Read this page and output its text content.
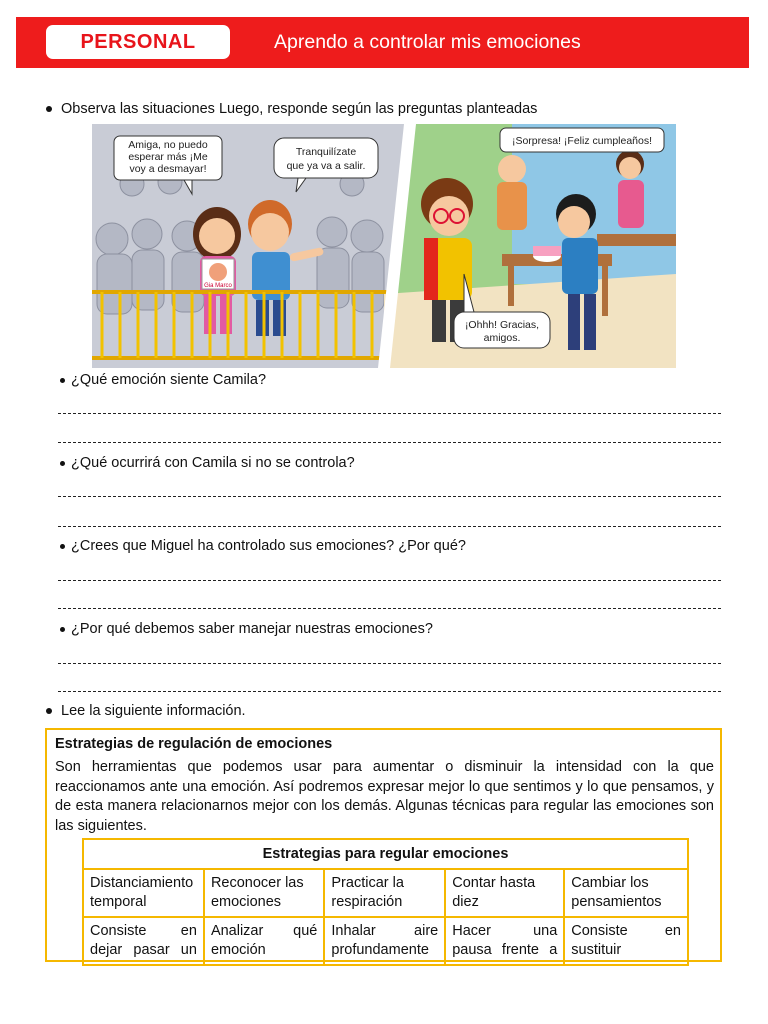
PERSONAL	Aprendo a controlar mis emociones
Observa las situaciones Luego, responde según las preguntas planteadas
Gia Marco
Amiga, no puedo
esperar más ¡Me
voy a desmayar!
Tranquilízate
que ya va a salir.
¡Sorpresa! ¡Feliz cumpleaños!
¡Ohhh! Gracias,
amigos.
¿Qué emoción siente Camila?
¿Qué ocurrirá con Camila si no se controla?
¿Crees que Miguel ha controlado sus emociones? ¿Por qué?
¿Por qué debemos saber manejar nuestras emociones?
Lee la siguiente información.
Estrategias de regulación de emociones
Son herramientas que podemos usar para aumentar o disminuir la intensidad con la que reaccionamos ante una emoción. Así podremos expresar mejor lo que sentimos y lo que pensamos, y de esta manera relacionarnos mejor con los demás. Algunas técnicas para regular las emociones son las siguientes.
Estrategias para regular emociones				
Distanciamiento temporal	Reconocer las emociones	Practicar la respiración	Contar hasta diez	Cambiar los pensamientos
Consiste en dejar pasar un	Analizar qué emoción	Inhalar aire profundamente	Hacer una pausa frente a	Consiste en sustituir
